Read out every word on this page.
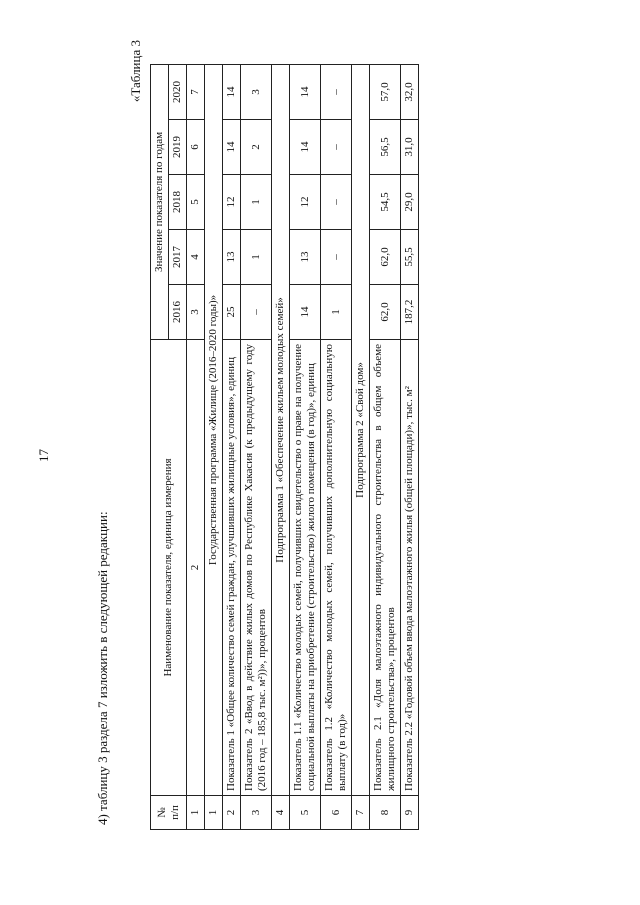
17
4) таблицу 3 раздела 7 изложить в следующей редакции:
«Таблица 3
№
п/п	Наименование показателя, единица измерения	Значение показателя по годам				
		2016	2017	2018	2019	2020
1	2	3	4	5	6	7
1	Государственная программа «Жилище (2016–2020 годы)»					
2	Показатель 1 «Общее количество семей граждан, улучшивших жилищные условия», единиц	25	13	12	14	14
3	Показатель 2 «Ввод в действие жилых домов по Республике Хакасия (к предыдущему году (2016 год – 185,8 тыс. м²))», процентов	–	1	1	2	3
4	Подпрограмма 1 «Обеспечение жильем молодых семей»					
5	Показатель 1.1 «Количество молодых семей, получивших свидетельство о праве на получение социальной выплаты на приобретение (строительство) жилого помещения (в год)», единиц	14	13	12	14	14
6	Показатель 1.2 «Количество молодых семей, получивших дополнительную социальную выплату (в год)»	1	–	–	–	–
7	Подпрограмма 2 «Свой дом»					
8	Показатель 2.1 «Доля малоэтажного индивидуального строительства в общем объеме жилищного строительства», процентов	62,0	62,0	54,5	56,5	57,0
9	Показатель 2.2 «Годовой объем ввода малоэтажного жилья (общей площади)», тыс. м²	187,2	55,5	29,0	31,0	32,0
